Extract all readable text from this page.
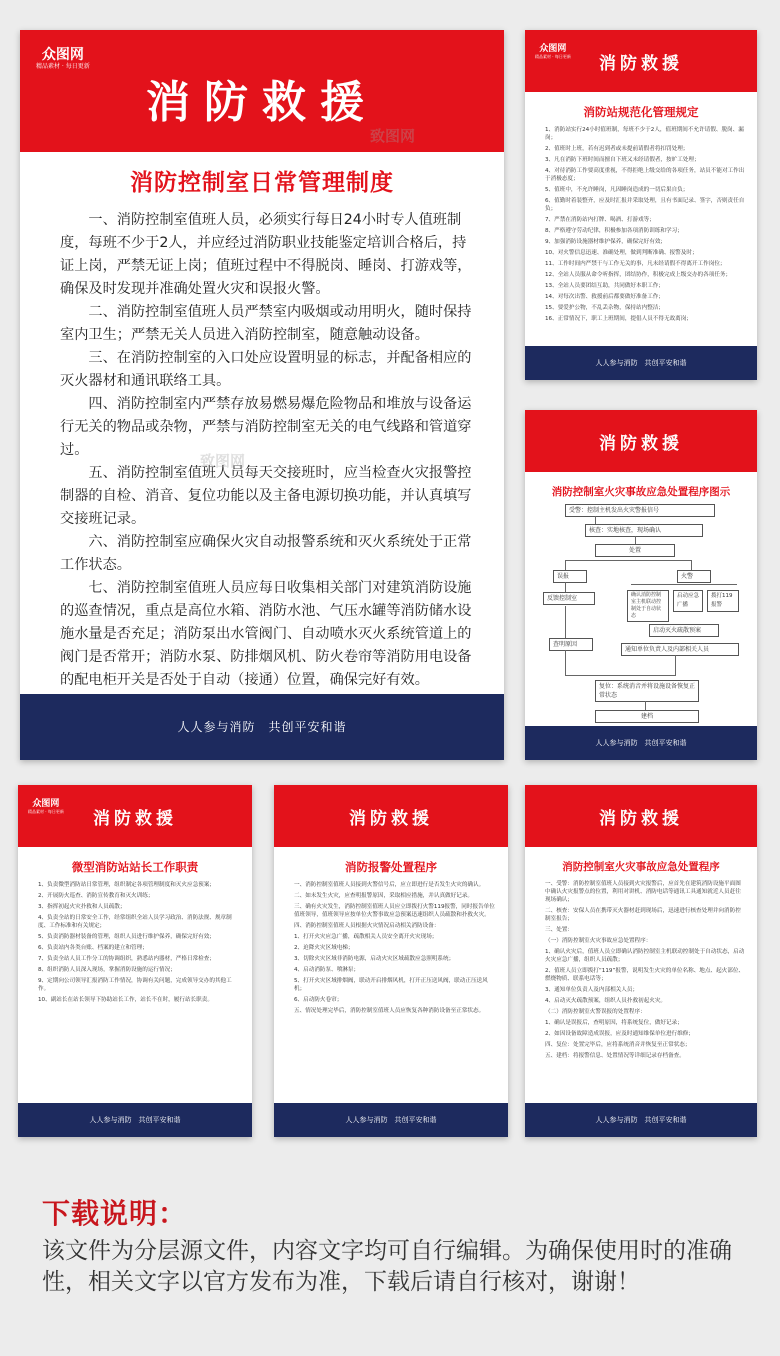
众图网
精品素材 · 每日更新
消防救援
消防控制室日常管理制度

一、消防控制室值班人员，必须实行每日24小时专人值班制度，每班不少于2人，并应经过消防职业技能鉴定培训合格后，持证上岗，严禁无证上岗；值班过程中不得脱岗、睡岗、打游戏等，确保及时发现并准确处置火灾和误报火警。

二、消防控制室值班人员严禁室内吸烟或动用明火，随时保持室内卫生；严禁无关人员进入消防控制室，随意触动设备。

三、在消防控制室的入口处应设置明显的标志，并配备相应的灭火器材和通讯联络工具。

四、消防控制室内严禁存放易燃易爆危险物品和堆放与设备运行无关的物品或杂物，严禁与消防控制室无关的电气线路和管道穿过。

五、消防控制室值班人员每天交接班时，应当检查火灾报警控制器的自检、消音、复位功能以及主备电源切换功能，并认真填写交接班记录。

六、消防控制室应确保火灾自动报警系统和灭火系统处于正常工作状态。

七、消防控制室值班人员应每日收集相关部门对建筑消防设施的巡查情况，重点是高位水箱、消防水池、气压水罐等消防储水设施水量是否充足；消防泵出水管阀门、自动喷水灭火系统管道上的阀门是否常开；消防水泵、防排烟风机、防火卷帘等消防用电设备的配电柜开关是否处于自动（接通）位置，确保完好有效。

致图网
致图网
人人参与消防　共创平安和谐
众图网
精品素材 · 每日更新	消防救援
消防站规范化管理规定

1、消防站实行24小时值班制，每班不少于2人，值班期间不允许请假、脱岗、漏岗；

2、值班时上班，若有迟到者或未提前请假者将扣罚处理；

3、凡在消防下班时间而擅自下班又未经请假者，按旷工处理；

4、对待消防工作要高度重视，不得拒绝上级交给的各项任务，站员不能对工作出于消极态度；

5、值班中，不允许睡岗，凡因睡岗造成的一切后果自负；

6、值勤时着装整齐，应及时汇报并采取处理，且有书面记录、签字，否则责任自负；

7、严禁在消防站内打牌、喝酒、打游戏等；

8、严格遵守劳动纪律，积极参加各项消防训练和学习；

9、加强消防设施器材维护保养，确保完好有效；

10、对火警信息迅速、准确处理，做到判断准确、报警及时；

11、工作时间内严禁干与工作无关的事，凡未经请假不得离开工作岗位；

12、全站人员服从命令听指挥，团结协作，积极完成上级交办的各项任务；

13、全站人员要团结互助，共同做好本职工作；

14、对每次出警、救援前后都要做好准备工作；

15、要爱护公物，不乱丢杂物，保持站内整洁；

16、正常情况下，职工上班期间，提倡人员不得无故离岗；

人人参与消防　共创平安和谐
消防救援
消防控制室火灾事故应急处置程序图示
受警：控制主机发出火灾警报信号
核查：实地核查，现场确认
处置
误报	火警
反馈控制室	确认消防控制室主机联动控制处于自动状态
启动应急广播
拨打119报警
启动灭火疏散预案
查明原因
通知单位负责人及内部相关人员
复位：系统消音并将设施设备恢复正常状态
建档
人人参与消防　共创平安和谐
众图网
精品素材 · 每日更新	消防救援
微型消防站站长工作职责

1、负责微型消防站日常管理，组织制定各项管理制度和灭火应急预案；

2、开展防火巡查、消防宣传教育和灭火训练；

3、指挥初起火灾扑救和人员疏散；

4、负责全站的日常安全工作，经常组织全站人员学习政治、消防法规、规章制度、工作标准和有关规定；

5、负责消防器材装备的管理，组织人员进行维护保养，确保完好有效；

6、负责站内各类台账、档案的建立和管理；

7、负责全站人员工作分工的协调组织，熟悉站内器材，严格日常检查；

8、组织消防人员深入现场，掌握消防设施的运行情况；

9、定期向公司领导汇报消防工作情况，协调有关问题，完成领导交办的其他工作。

10、副站长在站长领导下协助站长工作，站长不在时，履行站长职责。

人人参与消防　共创平安和谐
消防救援
消防报警处置程序

一、消防控制室值班人员接到火警信号后，应立即进行是否发生火灾的确认。

二、如未发生火灾，应查明报警原因，采取相应措施，并认真做好记录。

三、确有火灾发生，消防控制室值班人员应立即拨打火警119报警，同时报告单位值班领导，值班领导应按单位火警事故应急预案迅速组织人员疏散和扑救火灾。

四、消防控制室值班人员根据火灾情况启动相关消防设备：

1、打开火灾应急广播，疏散相关人员安全离开火灾现场；

2、迫降火灾区域电梯；

3、切除火灾区域非消防电源，启动火灾区域疏散应急照明系统；

4、启动消防泵、喷淋泵；

5、打开火灾区域排烟阀，联动开启排烟风机，打开正压送风阀，联动正压送风机；

6、启动防火卷帘；

五、情况处理完毕后，消防控制室值班人员应恢复各种消防设备至正常状态。

人人参与消防　共创平安和谐
消防救援
消防控制室火灾事故应急处置程序

一、受警：消防控制室值班人员接到火灾报警后，应首先在建筑消防设施平面图中确认火灾报警点的位置，利用对讲机、消防电话等通讯工具通知就近人员赶往现场确认；

二、核查：安保人员在携带灭火器材赶到现场后，迅速进行核查处理并向消防控制室报告；

三、处置：

（一）消防控制室火灾事故应急处置程序：

1、确认火灾后，值班人员立即确认消防控制室主机联动控制处于自动状态，启动火灾应急广播，组织人员疏散；

2、值班人员立即拨打“119”报警，说明发生火灾的单位名称、地点、起火部位、燃烧物质、联系电话等；

3、通知单位负责人及内部相关人员；

4、启动灭火疏散预案，组织人员扑救初起火灾。

（二）消防控制室火警误报的处置程序：

1、确认是误报后，查明原因，将系统复位，做好记录；

2、如因设备故障造成误报，应及时通知维保单位进行维修；

四、复位：处置完毕后，应将系统消音并恢复至正常状态；

五、建档：将报警信息、处置情况等详细记录存档备查。

人人参与消防　共创平安和谐
下载说明：
该文件为分层源文件，内容文字均可自行编辑。为确保使用时的准确性，相关文字以官方发布为准，下载后请自行核对，谢谢！
